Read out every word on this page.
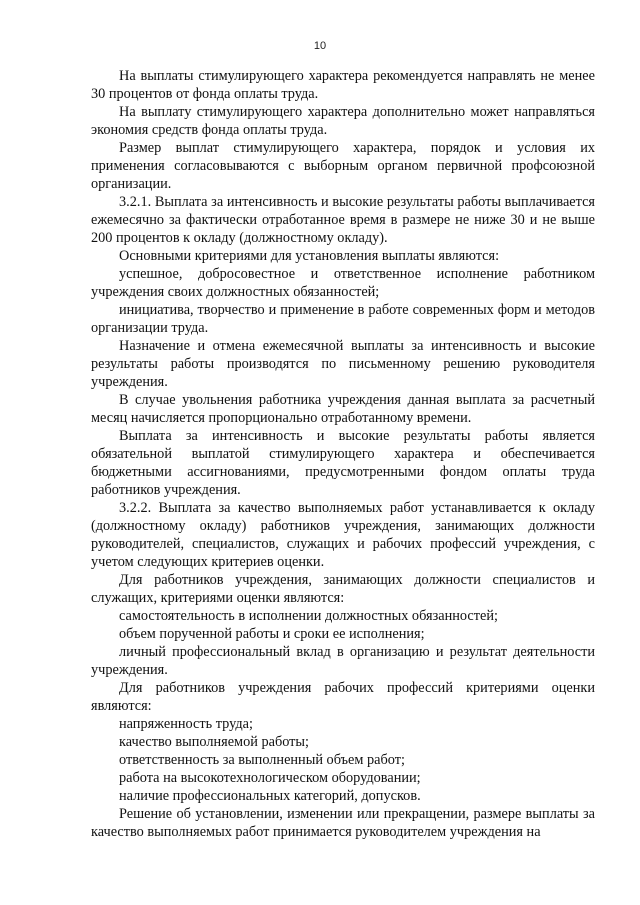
10

На выплаты стимулирующего характера рекомендуется направлять не менее 30 процентов от фонда оплаты труда.

На выплату стимулирующего характера дополнительно может направляться экономия средств фонда оплаты труда.

Размер выплат стимулирующего характера, порядок и условия их применения согласовываются с выборным органом первичной профсоюзной организации.

3.2.1. Выплата за интенсивность и высокие результаты работы выплачивается ежемесячно за фактически отработанное время в размере не ниже 30 и не выше 200 процентов к окладу (должностному окладу).

Основными критериями для установления выплаты являются:

успешное, добросовестное и ответственное исполнение работником учреждения своих должностных обязанностей;

инициатива, творчество и применение в работе современных форм и методов организации труда.

Назначение и отмена ежемесячной выплаты за интенсивность и высокие результаты работы производятся по письменному решению руководителя учреждения.

В случае увольнения работника учреждения данная выплата за расчетный месяц начисляется пропорционально отработанному времени.

Выплата за интенсивность и высокие результаты работы является обязательной выплатой стимулирующего характера и обеспечивается бюджетными ассигнованиями, предусмотренными фондом оплаты труда работников учреждения.

3.2.2. Выплата за качество выполняемых работ устанавливается к окладу (должностному окладу) работников учреждения, занимающих должности руководителей, специалистов, служащих и рабочих профессий учреждения, с учетом следующих критериев оценки.

Для работников учреждения, занимающих должности специалистов и служащих, критериями оценки являются:

самостоятельность в исполнении должностных обязанностей;

объем порученной работы и сроки ее исполнения;

личный профессиональный вклад в организацию и результат деятельности учреждения.

Для работников учреждения рабочих профессий критериями оценки являются:

напряженность труда;

качество выполняемой работы;

ответственность за выполненный объем работ;

работа на высокотехнологическом оборудовании;

наличие профессиональных категорий, допусков.

Решение об установлении, изменении или прекращении, размере выплаты за качество выполняемых работ принимается руководителем учреждения на
